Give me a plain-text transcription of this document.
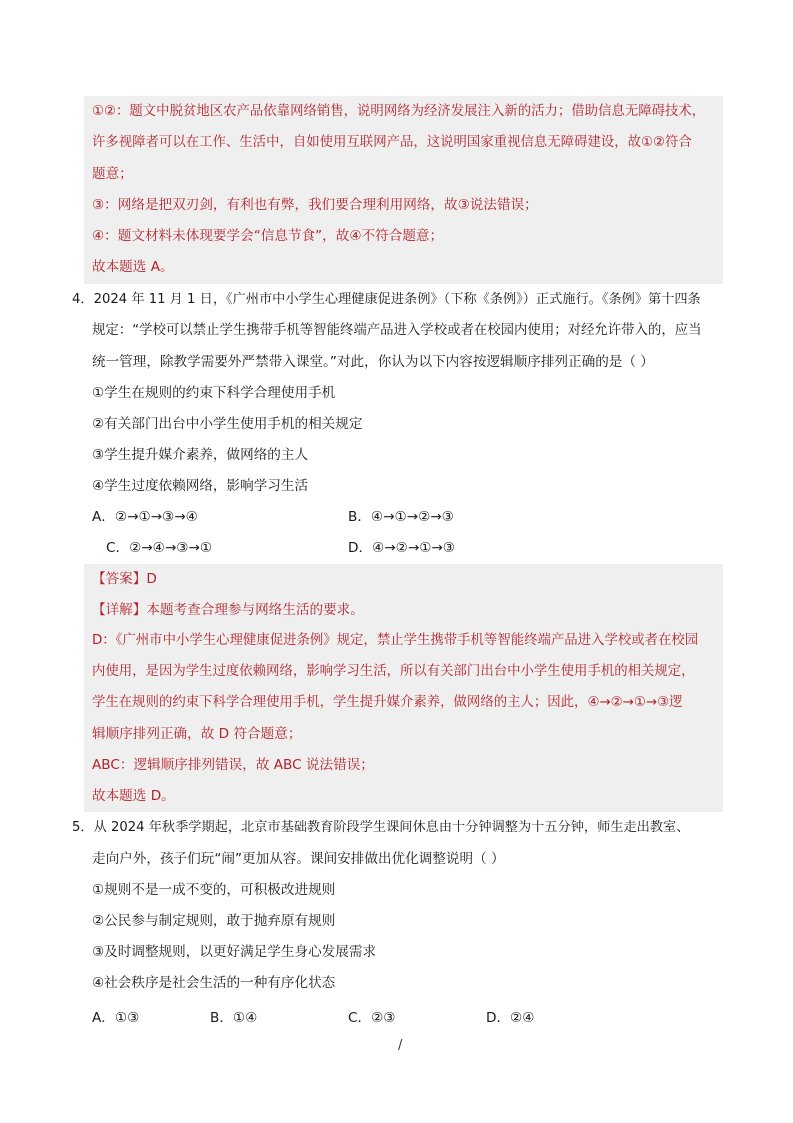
①②：题文中脱贫地区农产品依靠网络销售，说明网络为经济发展注入新的活力；借助信息无障碍技术，
许多视障者可以在工作、生活中，自如使用互联网产品，这说明国家重视信息无障碍建设，故①②符合
题意；
③：网络是把双刃剑，有利也有弊，我们要合理利用网络，故③说法错误；
④：题文材料未体现要学会“信息节食”，故④不符合题意；
故本题选 A。
4．2024 年 11 月 1 日，《广州市中小学生心理健康促进条例》（下称《条例》）正式施行。《条例》第十四条
规定：“学校可以禁止学生携带手机等智能终端产品进入学校或者在校园内使用；对经允许带入的，应当
统一管理，除教学需要外严禁带入课堂。”对此，你认为以下内容按逻辑顺序排列正确的是（ ）
①学生在规则的约束下科学合理使用手机
②有关部门出台中小学生使用手机的相关规定
③学生提升媒介素养，做网络的主人
④学生过度依赖网络，影响学习生活
A．②→①→③→④	B．④→①→②→③
C．②→④→③→①	D．④→②→①→③
【答案】D
【详解】本题考查合理参与网络生活的要求。
D：《广州市中小学生心理健康促进条例》规定，禁止学生携带手机等智能终端产品进入学校或者在校园
内使用，是因为学生过度依赖网络，影响学习生活，所以有关部门出台中小学生使用手机的相关规定，
学生在规则的约束下科学合理使用手机，学生提升媒介素养，做网络的主人；因此，④→②→①→③逻
辑顺序排列正确，故 D 符合题意；
ABC：逻辑顺序排列错误，故 ABC 说法错误；
故本题选 D。
5．从 2024 年秋季学期起，北京市基础教育阶段学生课间休息由十分钟调整为十五分钟，师生走出教室、
走向户外，孩子们玩“闹”更加从容。课间安排做出优化调整说明（ ）
①规则不是一成不变的，可积极改进规则
②公民参与制定规则，敢于抛弃原有规则
③及时调整规则，以更好满足学生身心发展需求
④社会秩序是社会生活的一种有序化状态
A．①③	B．①④	C．②③	D．②④
/
